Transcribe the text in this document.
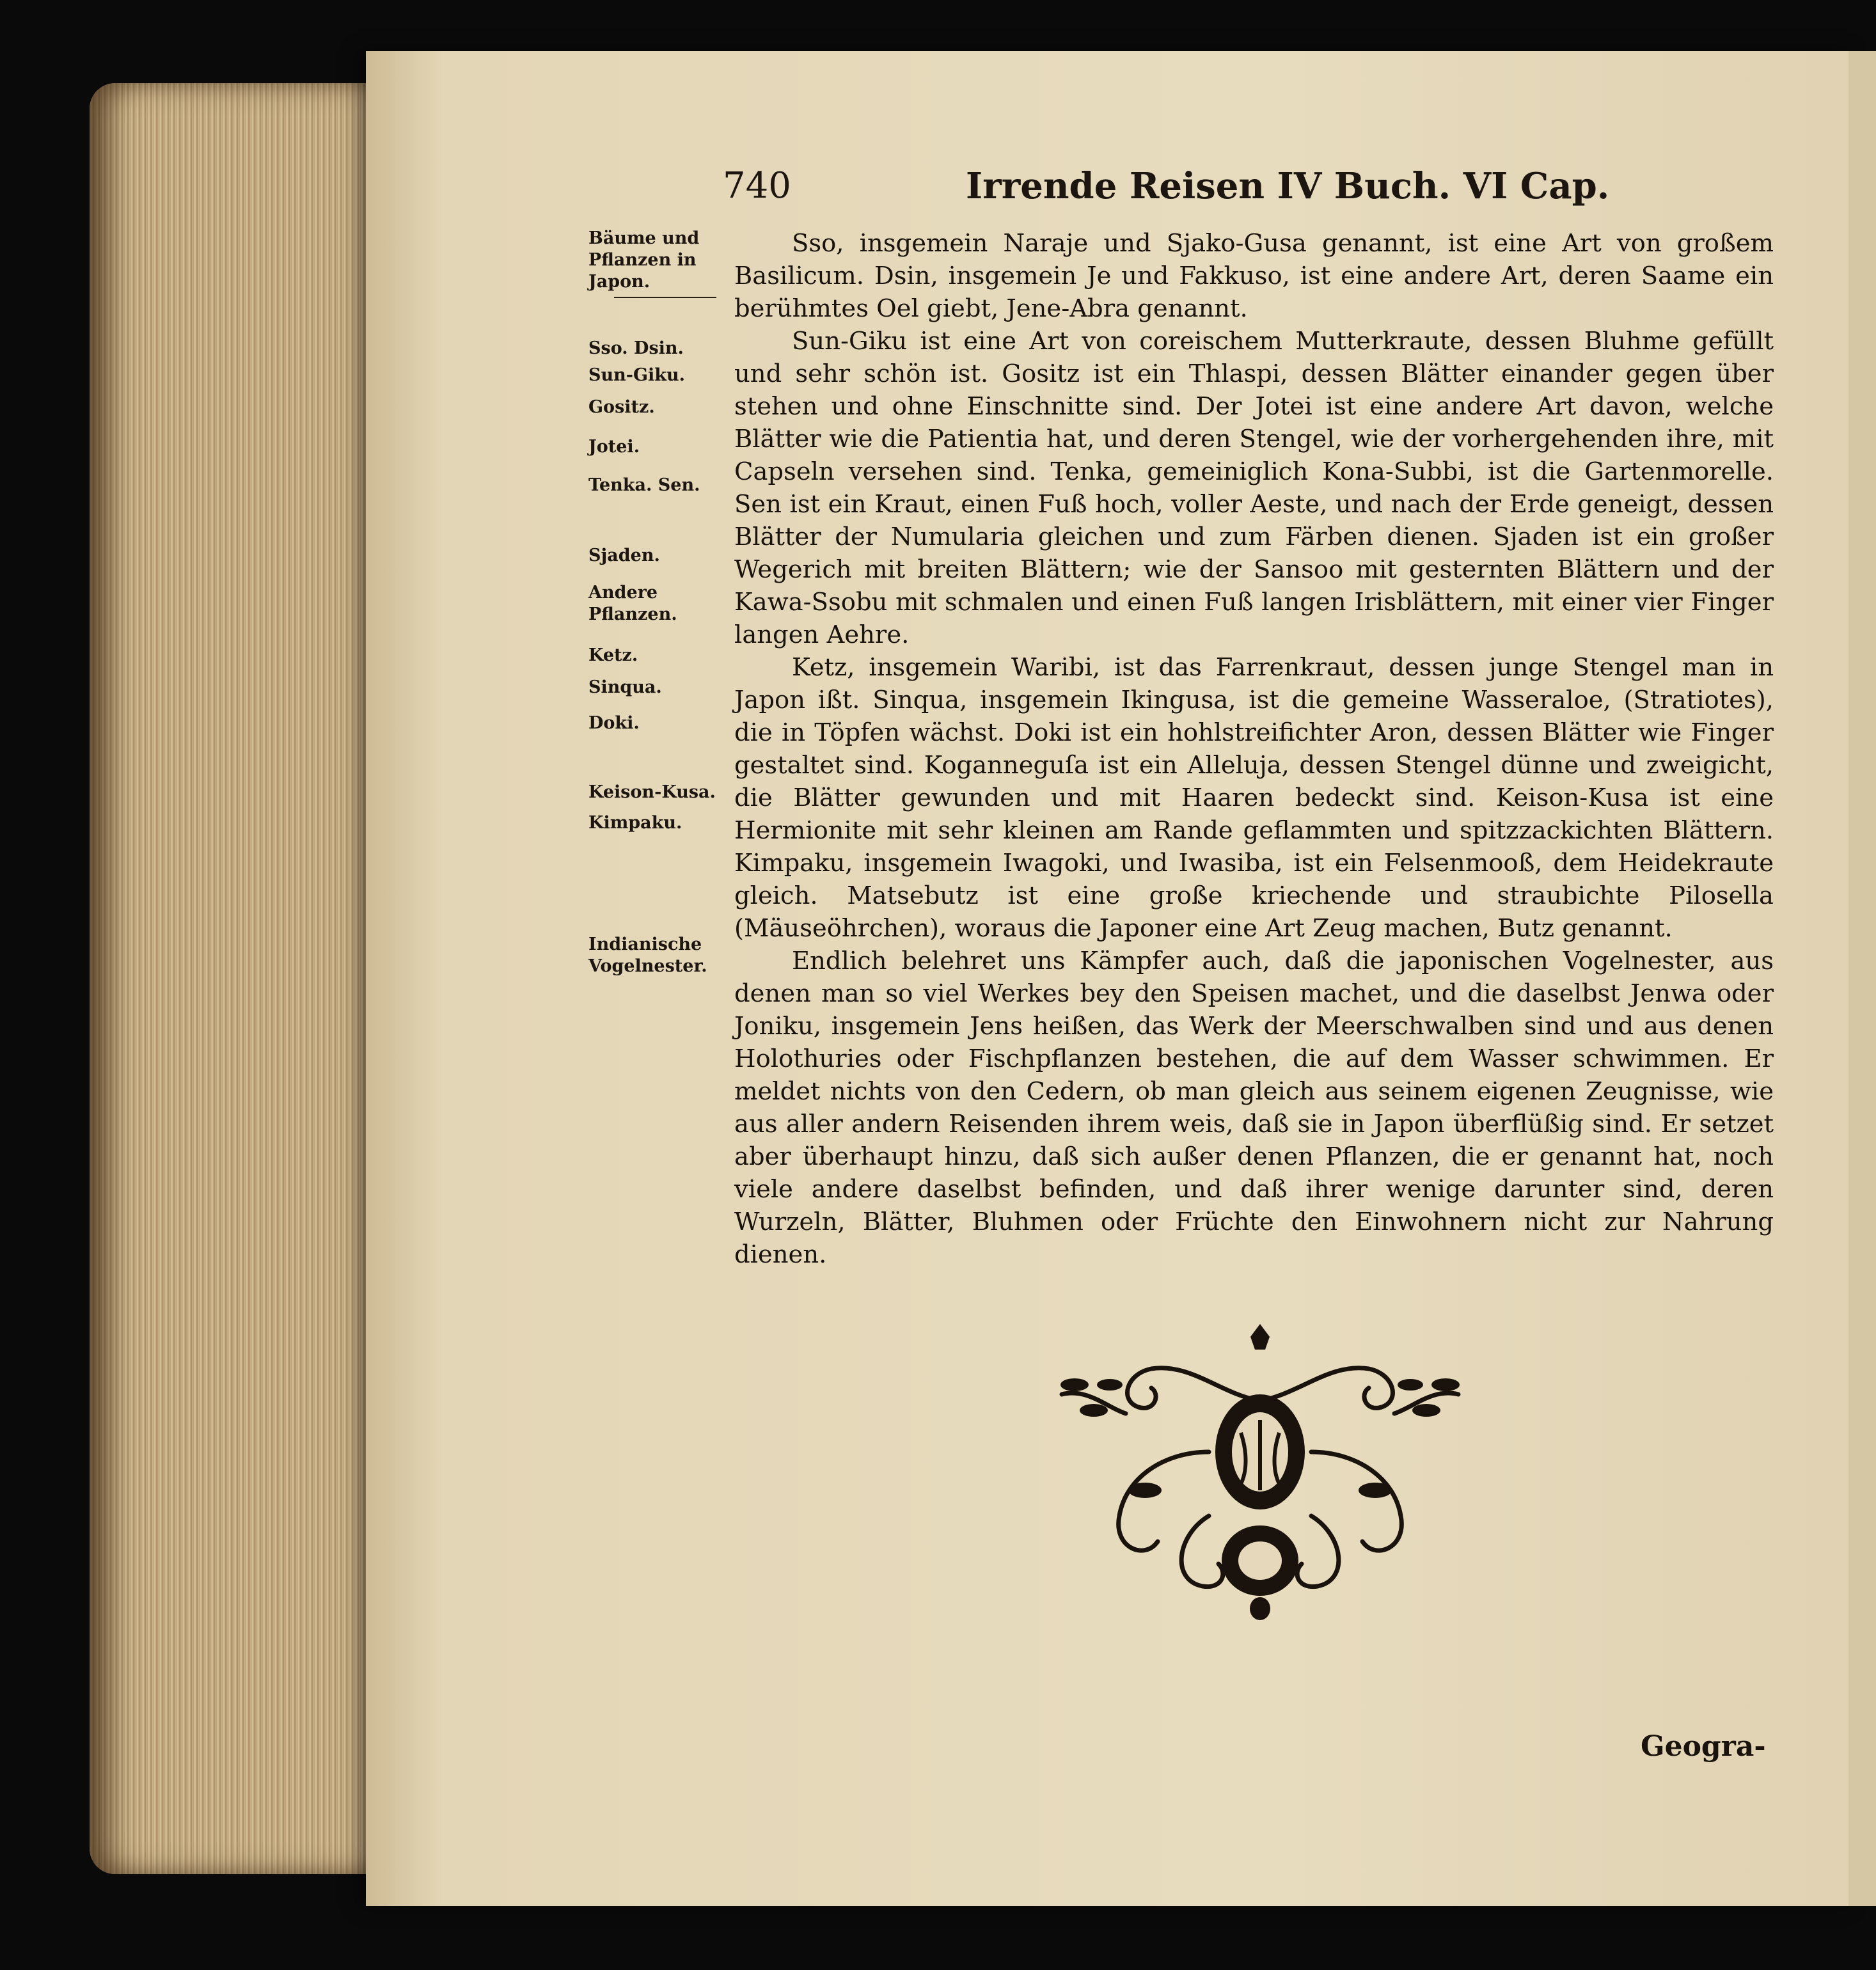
740	Irrende Reisen IV Buch. VI Cap.
Bäume und Pflanzen in Japon.
Sso. Dsin.
Sun-Giku.
Gositz.
Jotei.
Tenka. Sen.
Sjaden.
Andere Pflanzen.
Ketz.
Sinqua.
Doki.
Keison-Kusa.
Kimpaku.
Indianische Vogelnester.

Sso, insgemein Naraje und Sjako-Gusa genannt, ist eine Art von großem Basilicum. Dsin, insgemein Je und Fakkuso, ist eine andere Art, deren Saame ein berühmtes Oel giebt, Jene-Abra genannt.

Sun-Giku ist eine Art von coreischem Mutterkraute, dessen Bluhme gefüllt und sehr schön ist. Gositz ist ein Thlaspi, dessen Blätter einander gegen über stehen und ohne Einschnitte sind. Der Jotei ist eine andere Art davon, welche Blätter wie die Patientia hat, und deren Stengel, wie der vorhergehenden ihre, mit Capseln versehen sind. Tenka, gemeiniglich Kona-Subbi, ist die Gartenmorelle. Sen ist ein Kraut, einen Fuß hoch, voller Aeste, und nach der Erde geneigt, dessen Blätter der Numularia gleichen und zum Färben dienen. Sjaden ist ein großer Wegerich mit breiten Blättern; wie der Sansoo mit gesternten Blättern und der Kawa-Ssobu mit schmalen und einen Fuß langen Irisblättern, mit einer vier Finger langen Aehre.

Ketz, insgemein Waribi, ist das Farrenkraut, dessen junge Stengel man in Japon ißt. Sinqua, insgemein Ikingusa, ist die gemeine Wasseraloe, (Stratiotes), die in Töpfen wächst. Doki ist ein hohlstreifichter Aron, dessen Blätter wie Finger gestaltet sind. Koganneguſa ist ein Alleluja, dessen Stengel dünne und zweigicht, die Blätter gewunden und mit Haaren bedeckt sind. Keison-Kusa ist eine Hermionite mit sehr kleinen am Rande geflammten und spitzzackichten Blättern. Kimpaku, insgemein Iwagoki, und Iwasiba, ist ein Felsenmooß, dem Heidekraute gleich. Matsebutz ist eine große kriechende und straubichte Pilosella (Mäuseöhrchen), woraus die Japoner eine Art Zeug machen, Butz genannt.

Endlich belehret uns Kämpfer auch, daß die japonischen Vogelnester, aus denen man so viel Werkes bey den Speisen machet, und die daselbst Jenwa oder Joniku, insgemein Jens heißen, das Werk der Meerschwalben sind und aus denen Holothuries oder Fischpflanzen bestehen, die auf dem Wasser schwimmen. Er meldet nichts von den Cedern, ob man gleich aus seinem eigenen Zeugnisse, wie aus aller andern Reisenden ihrem weis, daß sie in Japon überflüßig sind. Er setzet aber überhaupt hinzu, daß sich außer denen Pflanzen, die er genannt hat, noch viele andere daselbst befinden, und daß ihrer wenige darunter sind, deren Wurzeln, Blätter, Bluhmen oder Früchte den Einwohnern nicht zur Nahrung dienen.

Geogra-
